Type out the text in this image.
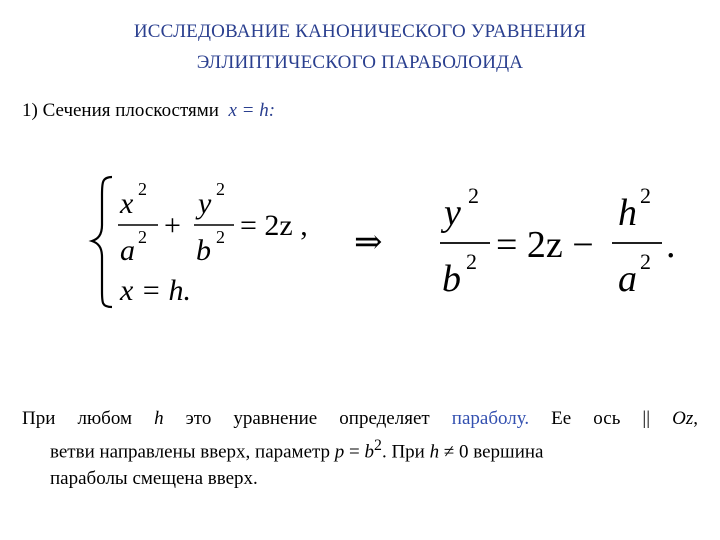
ИССЛЕДОВАНИЕ КАНОНИЧЕСКОГО УРАВНЕНИЯ
ЭЛЛИПТИЧЕСКОГО ПАРАБОЛОИДА
1) Сечения плоскостями x = h:
x 2
a 2 +
y 2
b 2 = 2z ,
x = h.
⇒
y 2
b 2 = 2z −
h 2
a 2 .

При любом h это уравнение определяет параболу. Ее ось || Oz,

ветви направлены вверх, параметр $p = b^2$. При h ≠ 0 вершина

параболы смещена вверх.
